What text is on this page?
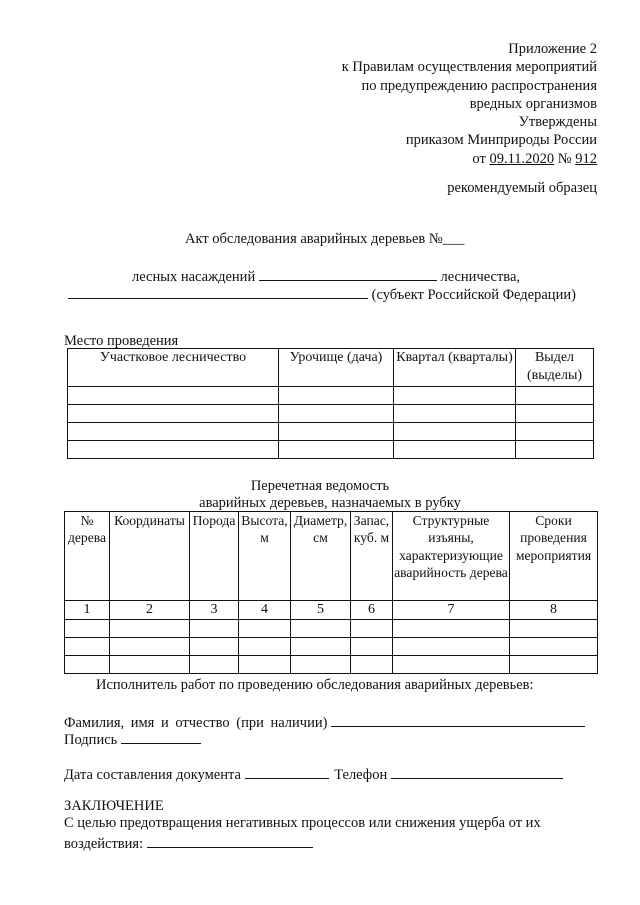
Приложение 2
к Правилам осуществления мероприятий
по предупреждению распространения
вредных организмов
Утверждены
приказом Минприроды России
от 09.11.2020 № 912
рекомендуемый образец
Акт обследования аварийных деревьев №___
лесных насаждений	лесничества,
(субъект Российской Федерации)
Место проведения
Участковое лесничество	Урочище (дача)	Квартал (кварталы)	Выдел (выделы)

Перечетная ведомость
аварийных деревьев, назначаемых в рубку
№ дерева	Координаты	Порода	Высота, м	Диаметр, см	Запас, куб. м	Структурные изъяны, характеризующие аварийность дерева	Сроки проведения мероприятия
1	2	3	4	5	6	7	8

Исполнитель работ по проведению обследования аварийных деревьев:
Фамилия, имя и отчество (при наличии)
Подпись
Дата составления документа	Телефон
ЗАКЛЮЧЕНИЕ
С целью предотвращения негативных процессов или снижения ущерба от их
воздействия:
